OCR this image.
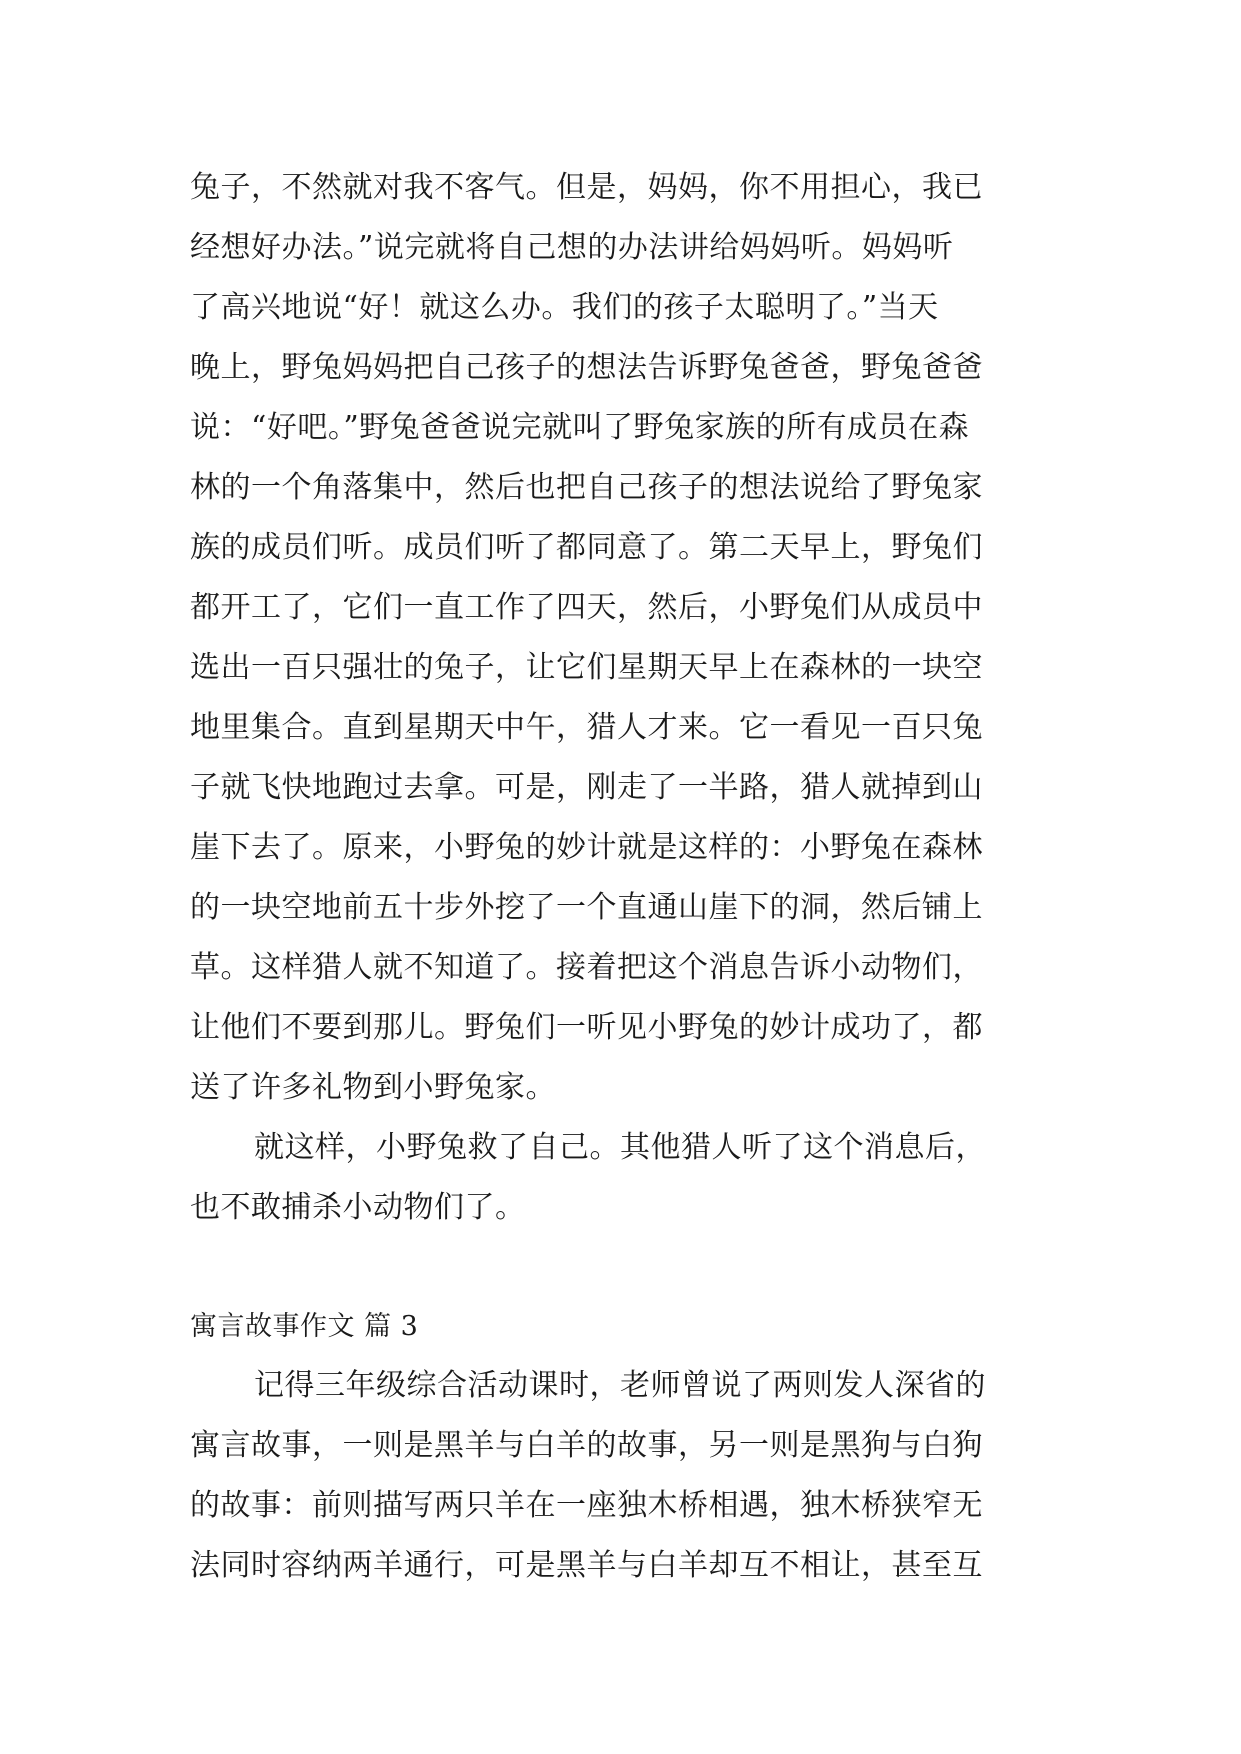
兔子，不然就对我不客气。但是，妈妈，你不用担心，我已
经想好办法。”说完就将自己想的办法讲给妈妈听。妈妈听
了高兴地说“好！就这么办。我们的孩子太聪明了。”当天
晚上，野兔妈妈把自己孩子的想法告诉野兔爸爸，野兔爸爸
说：“好吧。”野兔爸爸说完就叫了野兔家族的所有成员在森
林的一个角落集中，然后也把自己孩子的想法说给了野兔家
族的成员们听。成员们听了都同意了。第二天早上，野兔们
都开工了，它们一直工作了四天，然后，小野兔们从成员中
选出一百只强壮的兔子，让它们星期天早上在森林的一块空
地里集合。直到星期天中午，猎人才来。它一看见一百只兔
子就飞快地跑过去拿。可是，刚走了一半路，猎人就掉到山
崖下去了。原来，小野兔的妙计就是这样的：小野兔在森林
的一块空地前五十步外挖了一个直通山崖下的洞，然后铺上
草。这样猎人就不知道了。接着把这个消息告诉小动物们，
让他们不要到那儿。野兔们一听见小野兔的妙计成功了，都
送了许多礼物到小野兔家。
就这样，小野兔救了自己。其他猎人听了这个消息后，
也不敢捕杀小动物们了。
寓言故事作文 篇 3
记得三年级综合活动课时，老师曾说了两则发人深省的
寓言故事，一则是黑羊与白羊的故事，另一则是黑狗与白狗
的故事：前则描写两只羊在一座独木桥相遇，独木桥狭窄无
法同时容纳两羊通行，可是黑羊与白羊却互不相让，甚至互
